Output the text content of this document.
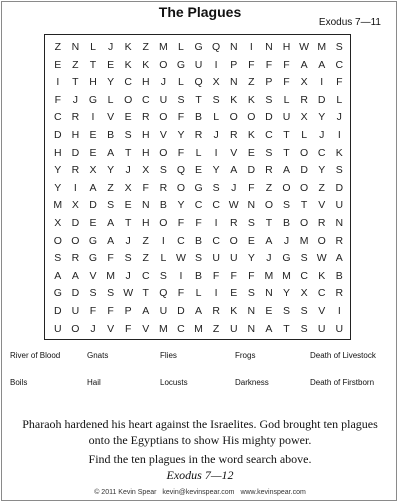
The Plagues
Exodus 7—11
Z	N	L	J	K	Z M L	G Q N	I	N H W M S
E	Z	T	E	K	K O G U	I	P	F	F	F	A	A C
I	T	H Y C H	J	L	Q X N	Z	P	F	X	I	F
F	J	G	L	O C U S	T	S	K	K	S	L	R D	L
C R	I	V	E R O F	B	L	O O D U X	Y	J
D H E	B	S H V	Y R	J	R K C	T	L	J	I
H D E	A	T	H O F	L	I	V	E	S	T O C K
Y R X	Y	J	X	S Q E	Y	A D R A D Y	S
Y	I	A	Z	X	F	R O G S	J	F	Z O O Z	D
M X D S	E N B	Y C C W N O S	T	V U
X D E	A	T	H O F	F	I	R S	T	B O R N
O O G A	J	Z	I	C B C O E	A	J	M O R
S R G F	S	Z	L W S U U Y	J	G S W A
A	A	V M	J	C S	I	B	F	F	F M M C K	B
G D S	S W T Q F	L	I	E	S N Y	X C R
D U	F	F	P	A U D A R K N E	S	S	V	I
U O	J	V	F	V M C M Z	U N A	T	S U U
River of Blood	Gnats	Flies	Frogs	Death of Livestock
Boils	Hail	Locusts	Darkness	Death of Firstborn
Pharaoh hardened his heart against the Israelites. God brought ten plagues
onto the Egyptians to show His mighty power.
Find the ten plagues in the word search above.
Exodus 7—12
© 2011 Kevin Spear kevin@kevinspear.com www.kevinspear.com
